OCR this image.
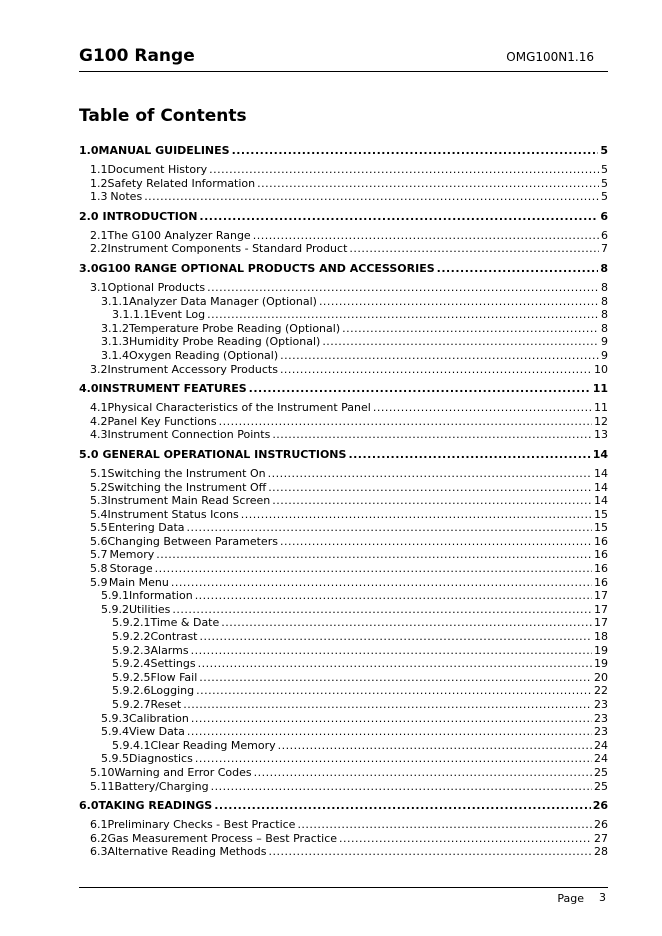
G100 Range	OMG100N1.16
Table of Contents
1.0 MANUAL GUIDELINES .....	5
1.1 Document History .....	5
1.2 Safety Related Information .....	5
1.3 Notes .....	5
2.0 INTRODUCTION .....	6
2.1 The G100 Analyzer Range .....	6
2.2 Instrument Components - Standard Product .....	7
3.0 G100 RANGE OPTIONAL PRODUCTS AND ACCESSORIES .....	8
3.1 Optional Products .....	8
3.1.1 Analyzer Data Manager (Optional) .....	8
3.1.1.1 Event Log .....	8
3.1.2 Temperature Probe Reading (Optional) .....	8
3.1.3 Humidity Probe Reading (Optional) .....	9
3.1.4 Oxygen Reading (Optional) .....	9
3.2 Instrument Accessory Products .....	10
4.0 INSTRUMENT FEATURES .....	11
4.1 Physical Characteristics of the Instrument Panel .....	11
4.2 Panel Key Functions .....	12
4.3 Instrument Connection Points .....	13
5.0 GENERAL OPERATIONAL INSTRUCTIONS .....	14
5.1 Switching the Instrument On .....	14
5.2 Switching the Instrument Off .....	14
5.3 Instrument Main Read Screen .....	14
5.4 Instrument Status Icons .....	15
5.5 Entering Data .....	15
5.6 Changing Between Parameters .....	16
5.7 Memory .....	16
5.8 Storage .....	16
5.9 Main Menu .....	16
5.9.1 Information .....	17
5.9.2 Utilities .....	17
5.9.2.1 Time & Date .....	17
5.9.2.2 Contrast .....	18
5.9.2.3 Alarms .....	19
5.9.2.4 Settings .....	19
5.9.2.5 Flow Fail .....	20
5.9.2.6 Logging .....	22
5.9.2.7 Reset .....	23
5.9.3 Calibration .....	23
5.9.4 View Data .....	23
5.9.4.1 Clear Reading Memory .....	24
5.9.5 Diagnostics .....	24
5.10 Warning and Error Codes .....	25
5.11 Battery/Charging .....	25
6.0 TAKING READINGS .....	26
6.1 Preliminary Checks - Best Practice .....	26
6.2 Gas Measurement Process – Best Practice .....	27
6.3 Alternative Reading Methods .....	28
Page 3
